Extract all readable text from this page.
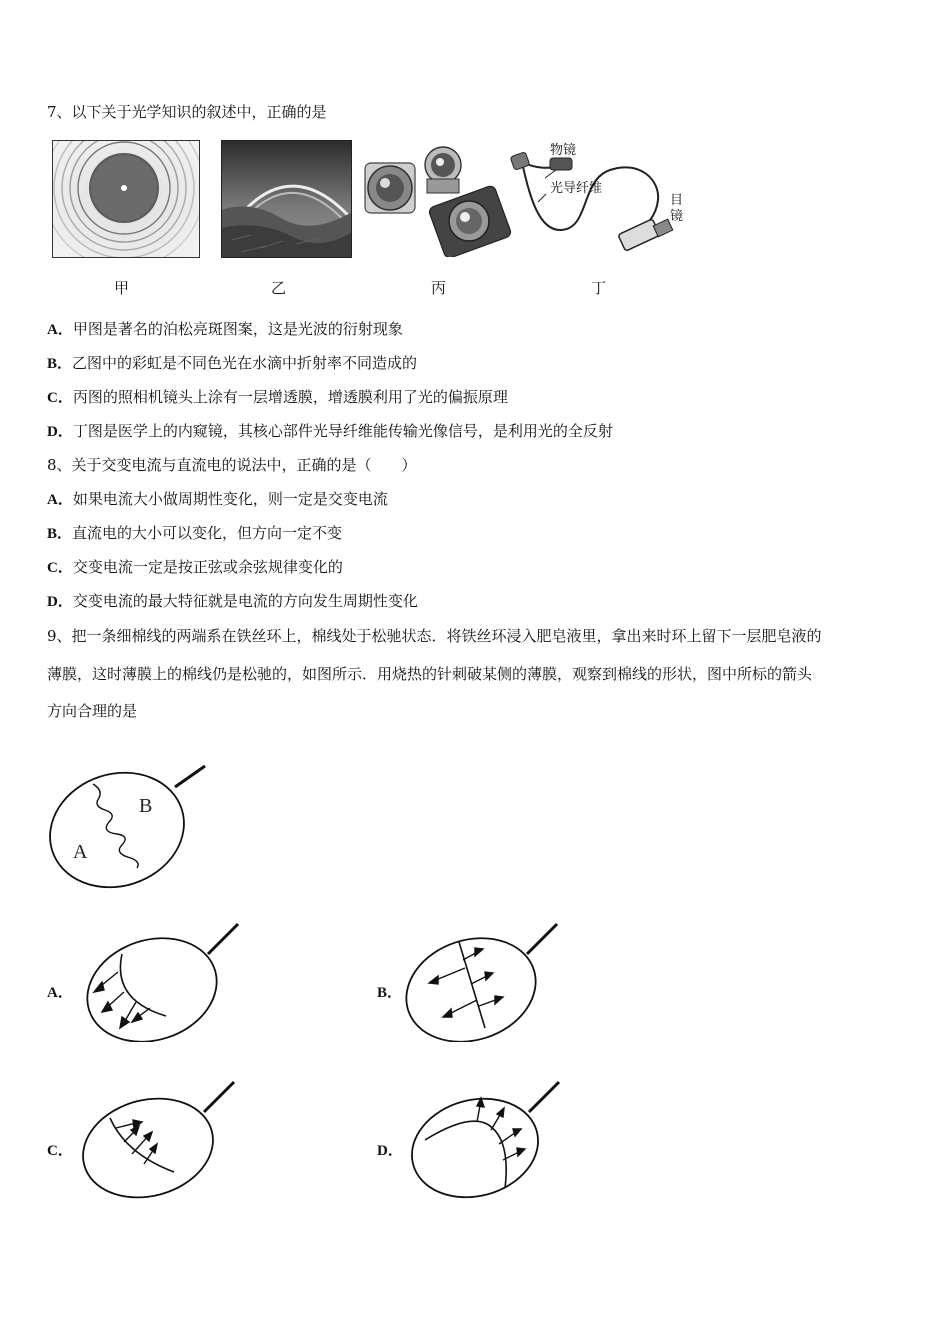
7、以下关于光学知识的叙述中，正确的是
物镜
光导纤维
目
镜
甲	乙	丙	丁
A．甲图是著名的泊松亮斑图案，这是光波的衍射现象
B．乙图中的彩虹是不同色光在水滴中折射率不同造成的
C．丙图的照相机镜头上涂有一层增透膜，增透膜利用了光的偏振原理
D．丁图是医学上的内窥镜，其核心部件光导纤维能传输光像信号，是利用光的全反射
8、关于交变电流与直流电的说法中，正确的是（　　）
A．如果电流大小做周期性变化，则一定是交变电流
B．直流电的大小可以变化，但方向一定不变
C．交变电流一定是按正弦或余弦规律变化的
D．交变电流的最大特征就是电流的方向发生周期性变化
9、把一条细棉线的两端系在铁丝环上，棉线处于松驰状态．将铁丝环浸入肥皂液里，拿出来时环上留下一层肥皂液的
薄膜，这时薄膜上的棉线仍是松驰的，如图所示．用烧热的针刺破某侧的薄膜，观察到棉线的形状，图中所标的箭头
方向合理的是
B
A
A．	B．
C．	D．
